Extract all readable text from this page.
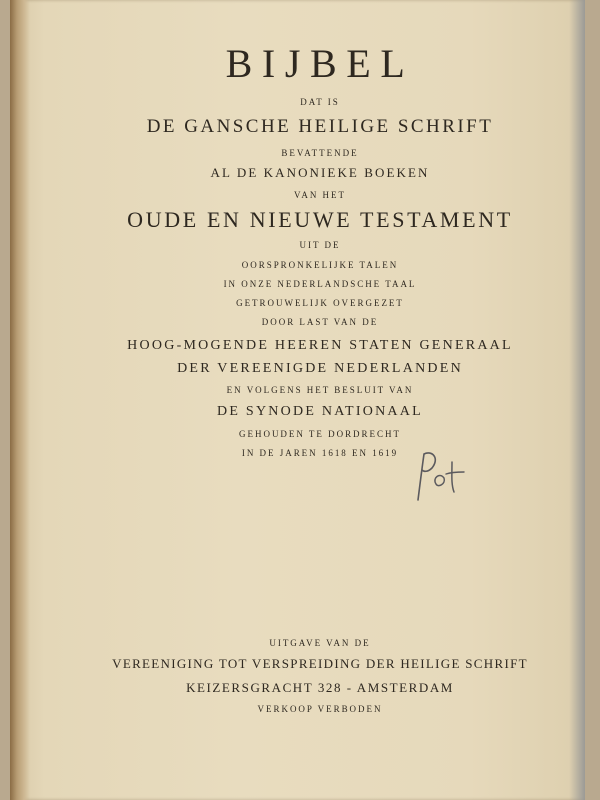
BIJBEL
DAT IS
DE GANSCHE HEILIGE SCHRIFT
BEVATTENDE
AL DE KANONIEKE BOEKEN
VAN HET
OUDE EN NIEUWE TESTAMENT
UIT DE
OORSPRONKELIJKE TALEN
IN ONZE NEDERLANDSCHE TAAL
GETROUWELIJK OVERGEZET
DOOR LAST VAN DE
HOOG-MOGENDE HEEREN STATEN GENERAAL
DER VEREENIGDE NEDERLANDEN
EN VOLGENS HET BESLUIT VAN
DE SYNODE NATIONAAL
GEHOUDEN TE DORDRECHT
IN DE JAREN 1618 EN 1619
UITGAVE VAN DE
VEREENIGING TOT VERSPREIDING DER HEILIGE SCHRIFT
KEIZERSGRACHT 328 - AMSTERDAM
VERKOOP VERBODEN
